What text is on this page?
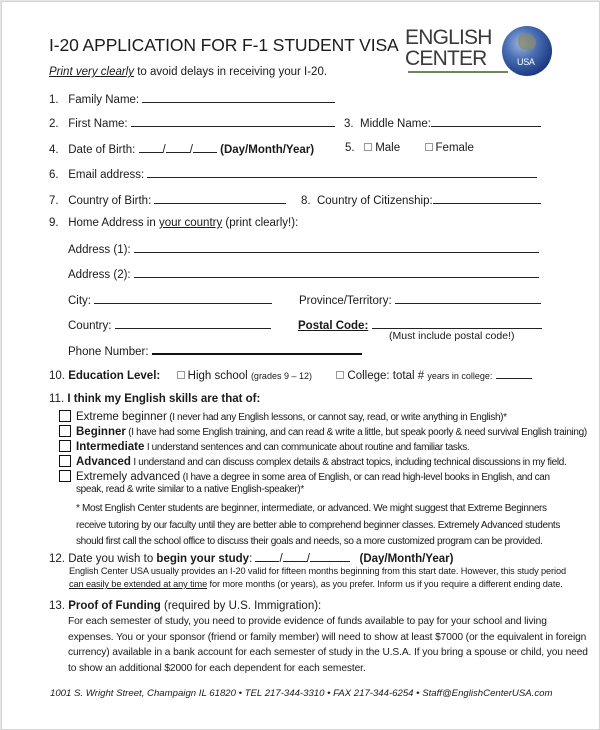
I-20 APPLICATION FOR F-1 STUDENT VISA
Print very clearly to avoid delays in receiving your I-20.
USA
ENGLISH
CENTER
1. Family Name:
2. First Name:	3. Middle Name:
4. Date of Birth: / / (Day/Month/Year)	5. Male	Female
6. Email address:
7. Country of Birth:	8. Country of Citizenship:
9. Home Address in your country (print clearly!):
Address (1):
Address (2):
City:	Province/Territory:
Country:	Postal Code:
(Must include postal code!)
Phone Number:
10. Education Level: High school (grades 9 – 12)	College: total # years in college:
11. I think my English skills are that of:
Extreme beginner (I never had any English lessons, or cannot say, read, or write anything in English)*
Beginner (I have had some English training, and can read & write a little, but speak poorly & need survival English training)
Intermediate I understand sentences and can communicate about routine and familiar tasks.
Advanced I understand and can discuss complex details & abstract topics, including technical discussions in my field.
Extremely advanced (I have a degree in some area of English, or can read high-level books in English, and can
speak, read & write similar to a native English-speaker)*
* Most English Center students are beginner, intermediate, or advanced. We might suggest that Extreme Beginners
receive tutoring by our faculty until they are better able to comprehend beginner classes. Extremely Advanced students
should first call the school office to discuss their goals and needs, so a more customized program can be provided.
12. Date you wish to begin your study: / /	(Day/Month/Year)
English Center USA usually provides an I-20 valid for fifteen months beginning from this start date. However, this study period
can easily be extended at any time for more months (or years), as you prefer. Inform us if you require a different ending date.
13. Proof of Funding (required by U.S. Immigration):
For each semester of study, you need to provide evidence of funds available to pay for your school and living
expenses. You or your sponsor (friend or family member) will need to show at least $7000 (or the equivalent in foreign
currency) available in a bank account for each semester of study in the U.S.A. If you bring a spouse or child, you need
to show an additional $2000 for each dependent for each semester.
1001 S. Wright Street, Champaign IL 61820 • TEL 217-344-3310 • FAX 217-344-6254 • Staff@EnglishCenterUSA.com
